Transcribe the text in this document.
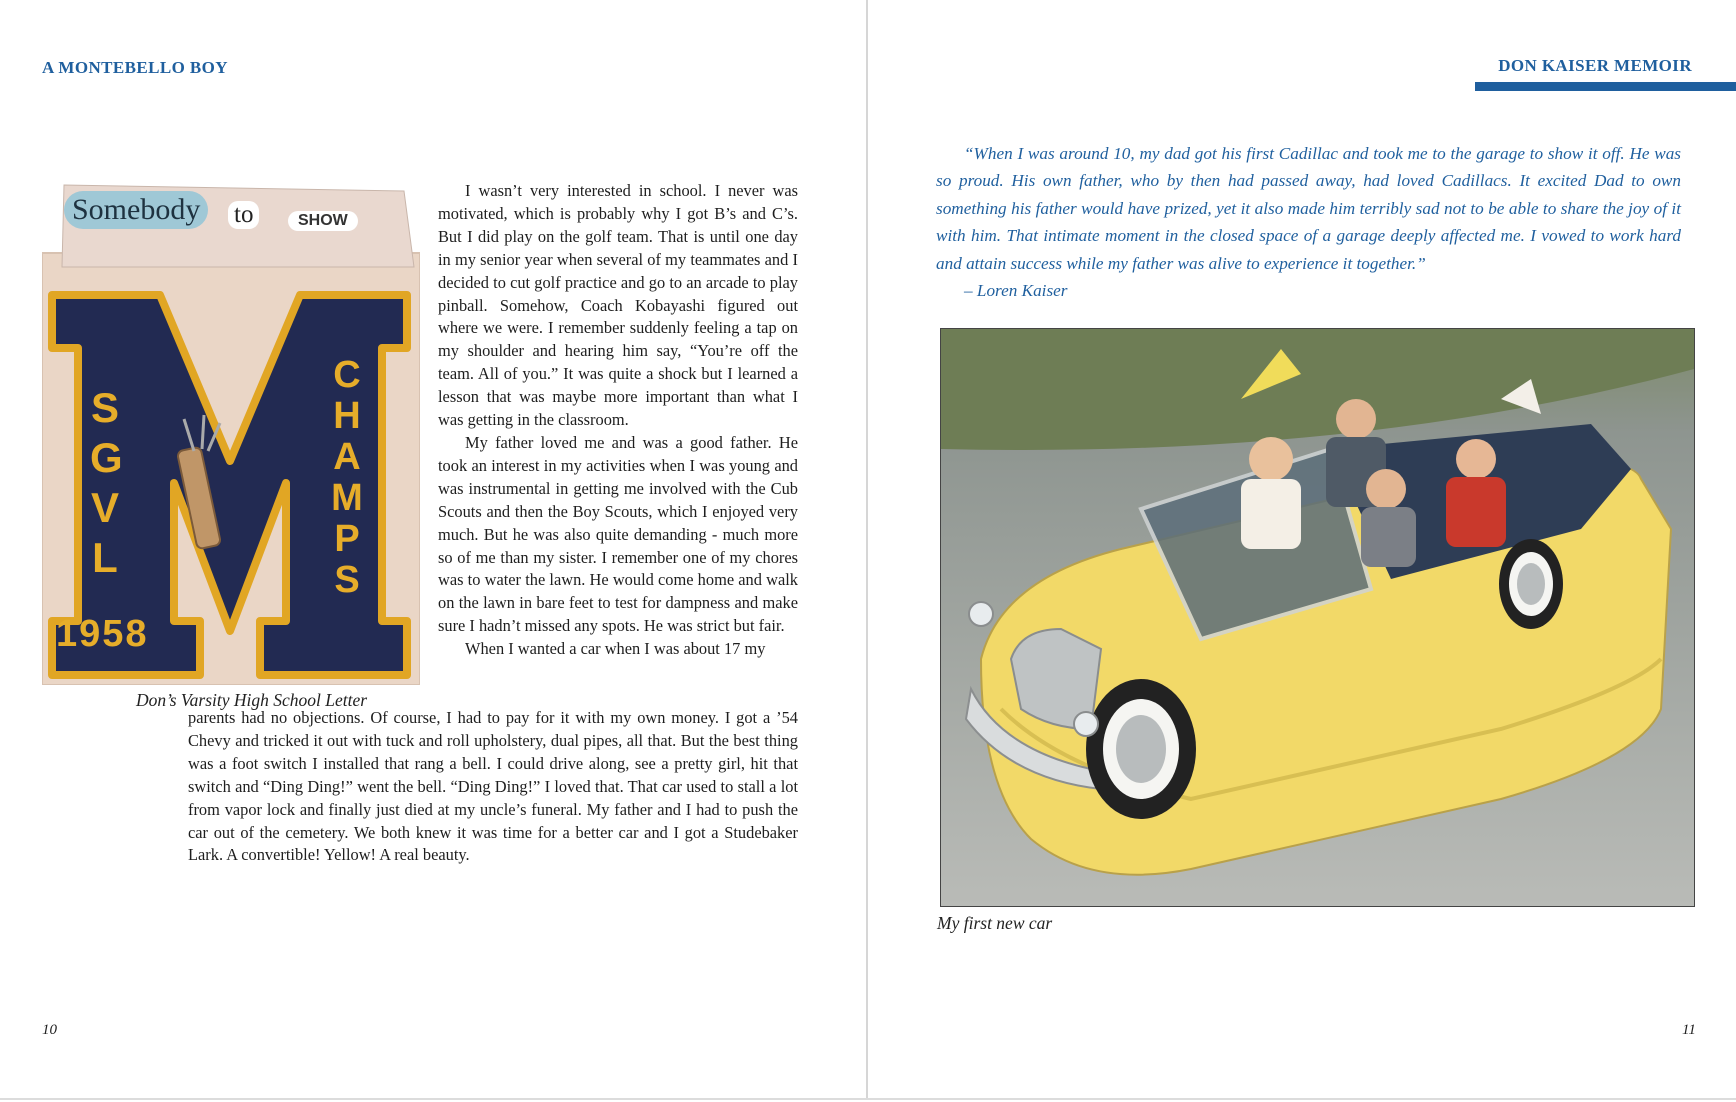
A MONTEBELLO BOY
Somebody	to	SHOW
SGVL
CHAMPS
1958
Don’s Varsity High School Letter

I wasn’t very interested in school. I never was motivated, which is probably why I got B’s and C’s. But I did play on the golf team. That is until one day in my senior year when several of my teammates and I decided to cut golf practice and go to an arcade to play pinball. Somehow, Coach Kobayashi figured out where we were. I remember suddenly feeling a tap on my shoulder and hearing him say, “You’re off the team. All of you.” It was quite a shock but I learned a lesson that was maybe more important than what I was getting in the classroom.

My father loved me and was a good father. He took an interest in my activities when I was young and was instrumental in getting me involved with the Cub Scouts and then the Boy Scouts, which I enjoyed very much. But he was also quite demanding - much more so of me than my sister. I remember one of my chores was to water the lawn. He would come home and walk on the lawn in bare feet to test for dampness and make sure I hadn’t missed any spots. He was strict but fair.

When I wanted a car when I was about 17 my

parents had no objections. Of course, I had to pay for it with my own money. I got a ’54 Chevy and tricked it out with tuck and roll upholstery, dual pipes, all that. But the best thing was a foot switch I installed that rang a bell. I could drive along, see a pretty girl, hit that switch and “Ding Ding!” went the bell. “Ding Ding!” I loved that. That car used to stall a lot from vapor lock and finally just died at my uncle’s funeral. My father and I had to push the car out of the cemetery. We both knew it was time for a better car and I got a Studebaker Lark. A convertible! Yellow! A real beauty.

10
DON KAISER MEMOIR

“When I was around 10, my dad got his first Cadillac and took me to the garage to show it off. He was so proud. His own father, who by then had passed away, had loved Cadillacs. It excited Dad to own something his father would have prized, yet it also made him terribly sad not to be able to share the joy of it with him. That intimate moment in the closed space of a garage deeply affected me. I vowed to work hard and attain success while my father was alive to experience it together.”

– Loren Kaiser

My first new car
11
